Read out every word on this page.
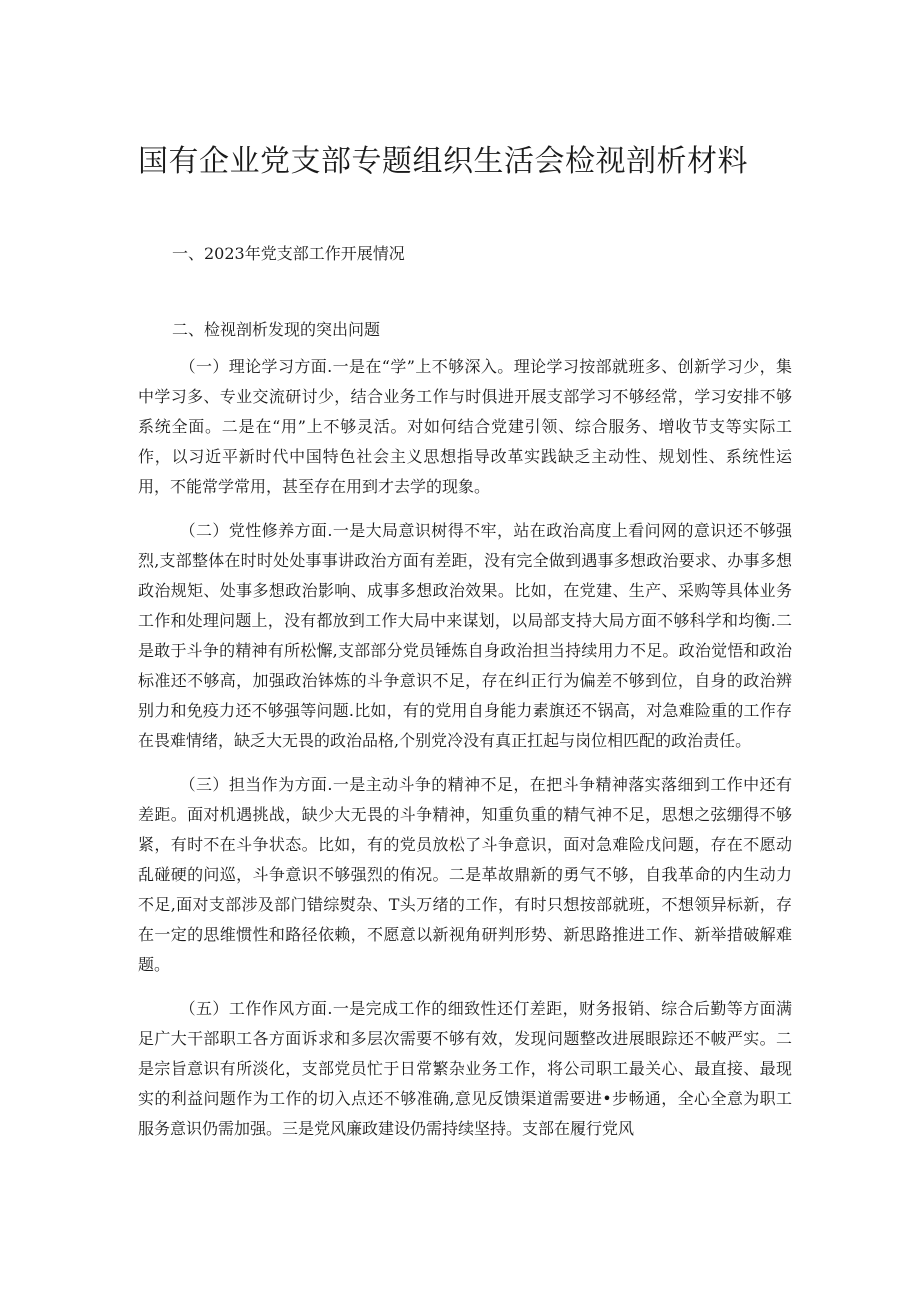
国有企业党支部专题组织生活会检视剖析材料

一、2023年党支部工作开展情况

二、检视剖析发现的突出问题

（一）理论学习方面.一是在“学”上不够深入。理论学习按部就班多、创新学习少，集中学习多、专业交流研讨少，结合业务工作与时俱进开展支部学习不够经常，学习安排不够系统全面。二是在“用”上不够灵活。对如何结合党建引领、综合服务、增收节支等实际工作，以习近平新时代中国特色社会主义思想指导改革实践缺乏主动性、规划性、系统性运用，不能常学常用，甚至存在用到才去学的现象。

（二）党性修养方面.一是大局意识树得不牢，站在政治高度上看问网的意识还不够强烈,支部整体在时时处处事事讲政治方面有差距，没有完全做到遇事多想政治要求、办事多想政治规矩、处事多想政治影响、成事多想政治效果。比如，在党建、生产、采购等具体业务工作和处理问题上，没有都放到工作大局中来谋划，以局部支持大局方面不够科学和均衡.二是敢于斗争的精神有所松懈,支部部分党员锤炼自身政治担当持续用力不足。政治觉悟和政治标准还不够高，加强政治钵炼的斗争意识不足，存在纠正行为偏差不够到位，自身的政治辨别力和免疫力还不够强等问题.比如，有的党用自身能力素旗还不锅高，对急难险重的工作存在畏难情绪，缺乏大无畏的政治品格,个别党冷没有真正扛起与岗位相匹配的政治责任。

（三）担当作为方面.一是主动斗争的精神不足，在把斗争精神落实落细到工作中还有差距。面对机遇挑战，缺少大无畏的斗争精神，知重负重的精气神不足，思想之弦绷得不够紧，有时不在斗争状态。比如，有的党员放松了斗争意识，面对急难险戊问题，存在不愿动乱碰硬的问巡，斗争意识不够强烈的侑况。二是革故鼎新的勇气不够，自我革命的内生动力不足,面对支部涉及部门错综熨杂、T头万绪的工作，有时只想按部就班，不想领异标新，存在一定的思维惯性和路径依赖，不愿意以新视角研判形势、新思路推进工作、新举措破解难题。

（五）工作作风方面.一是完成工作的细致性还仃差距，财务报销、综合后勤等方面满足广大干部职工各方面诉求和多层次需要不够有效，发现问题整改进展眼踪还不帔严实。二是宗旨意识有所淡化，支部党员忙于日常繁杂业务工作，将公司职工最关心、最直接、最现实的利益问题作为工作的切入点还不够准确,意见反馈渠道需要进•步畅通，全心全意为职工服务意识仍需加强。三是党风廉政建设仍需持续坚持。支部在履行党风
